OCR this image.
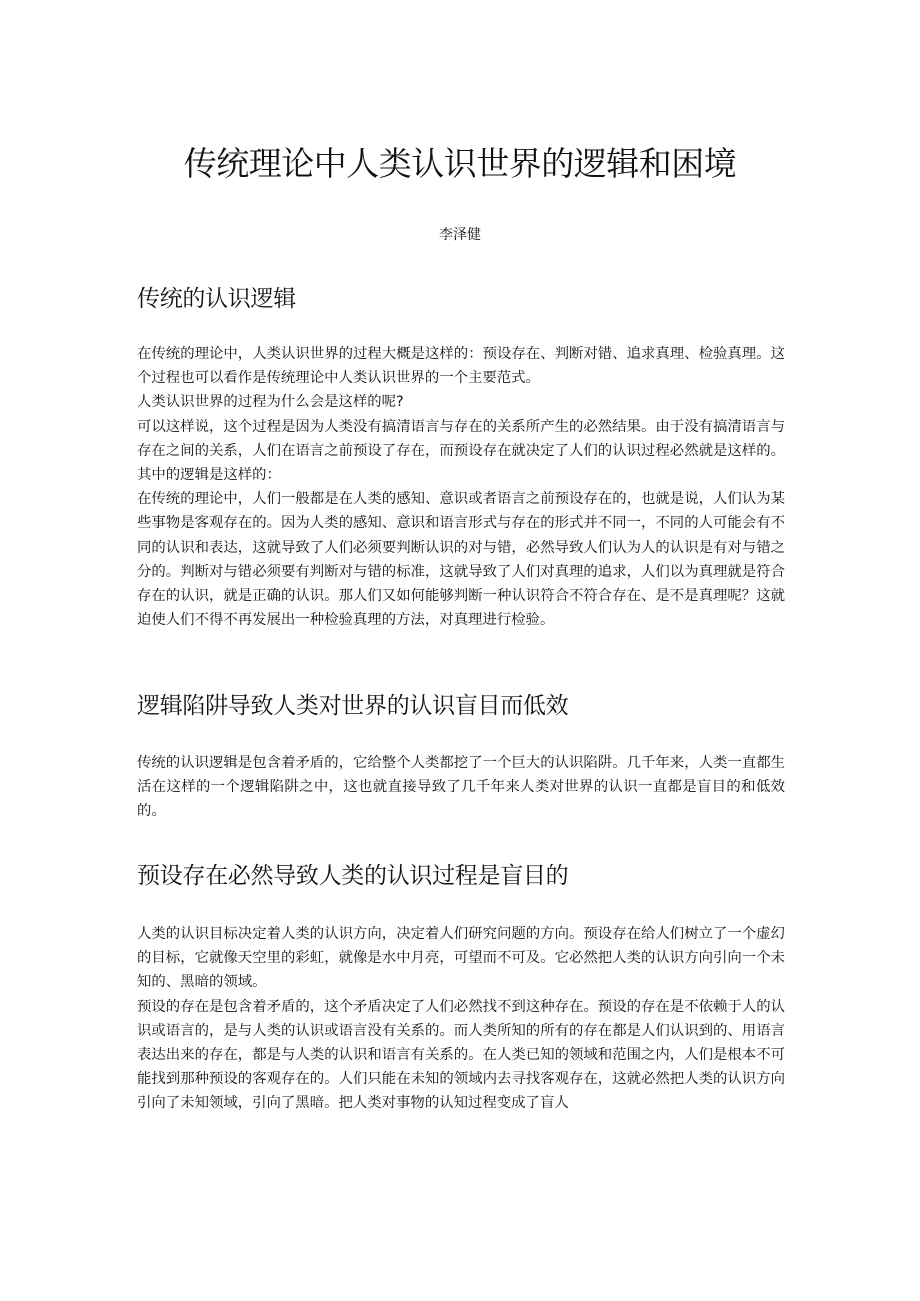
传统理论中人类认识世界的逻辑和困境
李泽健
传统的认识逻辑

在传统的理论中，人类认识世界的过程大概是这样的：预设存在、判断对错、追求真理、检验真理。这个过程也可以看作是传统理论中人类认识世界的一个主要范式。

人类认识世界的过程为什么会是这样的呢?

可以这样说，这个过程是因为人类没有搞清语言与存在的关系所产生的必然结果。由于没有搞清语言与存在之间的关系，人们在语言之前预设了存在，而预设存在就决定了人们的认识过程必然就是这样的。其中的逻辑是这样的：

在传统的理论中，人们一般都是在人类的感知、意识或者语言之前预设存在的，也就是说，人们认为某些事物是客观存在的。因为人类的感知、意识和语言形式与存在的形式并不同一，不同的人可能会有不同的认识和表达，这就导致了人们必须要判断认识的对与错，必然导致人们认为人的认识是有对与错之分的。判断对与错必须要有判断对与错的标准，这就导致了人们对真理的追求，人们以为真理就是符合存在的认识，就是正确的认识。那人们又如何能够判断一种认识符合不符合存在、是不是真理呢？这就迫使人们不得不再发展出一种检验真理的方法，对真理进行检验。

逻辑陷阱导致人类对世界的认识盲目而低效

传统的认识逻辑是包含着矛盾的，它给整个人类都挖了一个巨大的认识陷阱。几千年来，人类一直都生活在这样的一个逻辑陷阱之中，这也就直接导致了几千年来人类对世界的认识一直都是盲目的和低效的。

预设存在必然导致人类的认识过程是盲目的

人类的认识目标决定着人类的认识方向，决定着人们研究问题的方向。预设存在给人们树立了一个虚幻的目标，它就像天空里的彩虹，就像是水中月亮，可望而不可及。它必然把人类的认识方向引向一个未知的、黑暗的领域。

预设的存在是包含着矛盾的，这个矛盾决定了人们必然找不到这种存在。预设的存在是不依赖于人的认识或语言的，是与人类的认识或语言没有关系的。而人类所知的所有的存在都是人们认识到的、用语言表达出来的存在，都是与人类的认识和语言有关系的。在人类已知的领域和范围之内，人们是根本不可能找到那种预设的客观存在的。人们只能在未知的领域内去寻找客观存在，这就必然把人类的认识方向引向了未知领域，引向了黑暗。把人类对事物的认知过程变成了盲人
